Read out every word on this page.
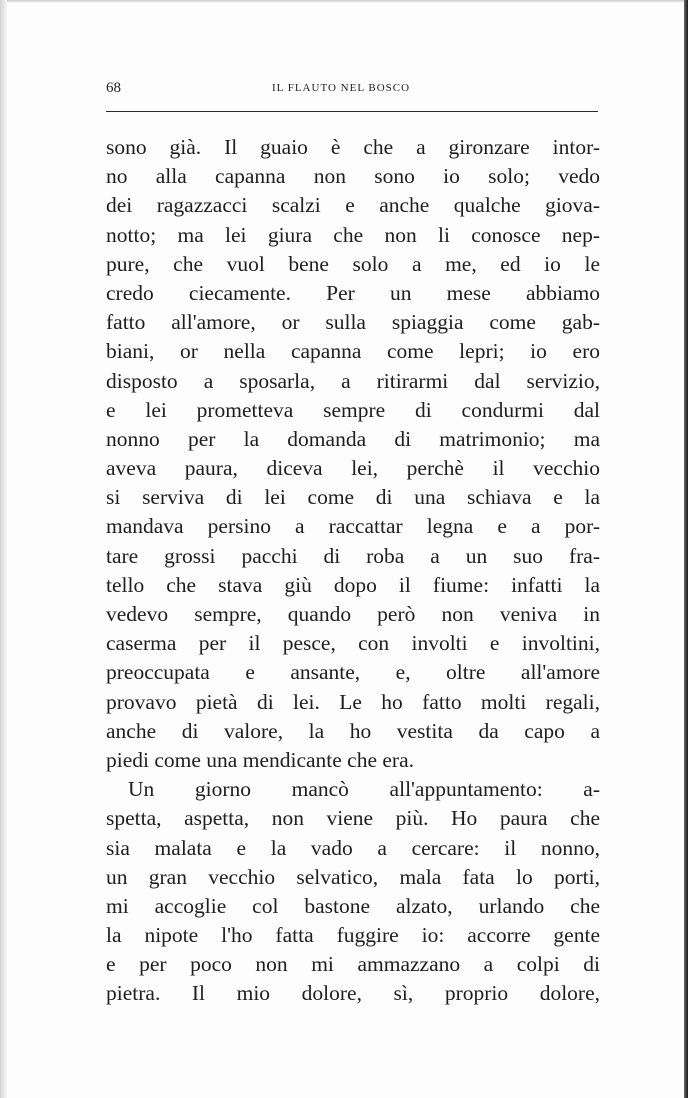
68	IL FLAUTO NEL BOSCO
sono già. Il guaio è che a gironzare intor-
no alla capanna non sono io solo; vedo
dei ragazzacci scalzi e anche qualche giova-
notto; ma lei giura che non li conosce nep-
pure, che vuol bene solo a me, ed io le
credo ciecamente. Per un mese abbiamo
fatto all'amore, or sulla spiaggia come gab-
biani, or nella capanna come lepri; io ero
disposto a sposarla, a ritirarmi dal servizio,
e lei prometteva sempre di condurmi dal
nonno per la domanda di matrimonio; ma
aveva paura, diceva lei, perchè il vecchio
si serviva di lei come di una schiava e la
mandava persino a raccattar legna e a por-
tare grossi pacchi di roba a un suo fra-
tello che stava giù dopo il fiume: infatti la
vedevo sempre, quando però non veniva in
caserma per il pesce, con involti e involtini,
preoccupata e ansante, e, oltre all'amore
provavo pietà di lei. Le ho fatto molti regali,
anche di valore, la ho vestita da capo a
piedi come una mendicante che era.
Un giorno mancò all'appuntamento: a-
spetta, aspetta, non viene più. Ho paura che
sia malata e la vado a cercare: il nonno,
un gran vecchio selvatico, mala fata lo porti,
mi accoglie col bastone alzato, urlando che
la nipote l'ho fatta fuggire io: accorre gente
e per poco non mi ammazzano a colpi di
pietra. Il mio dolore, sì, proprio dolore,
